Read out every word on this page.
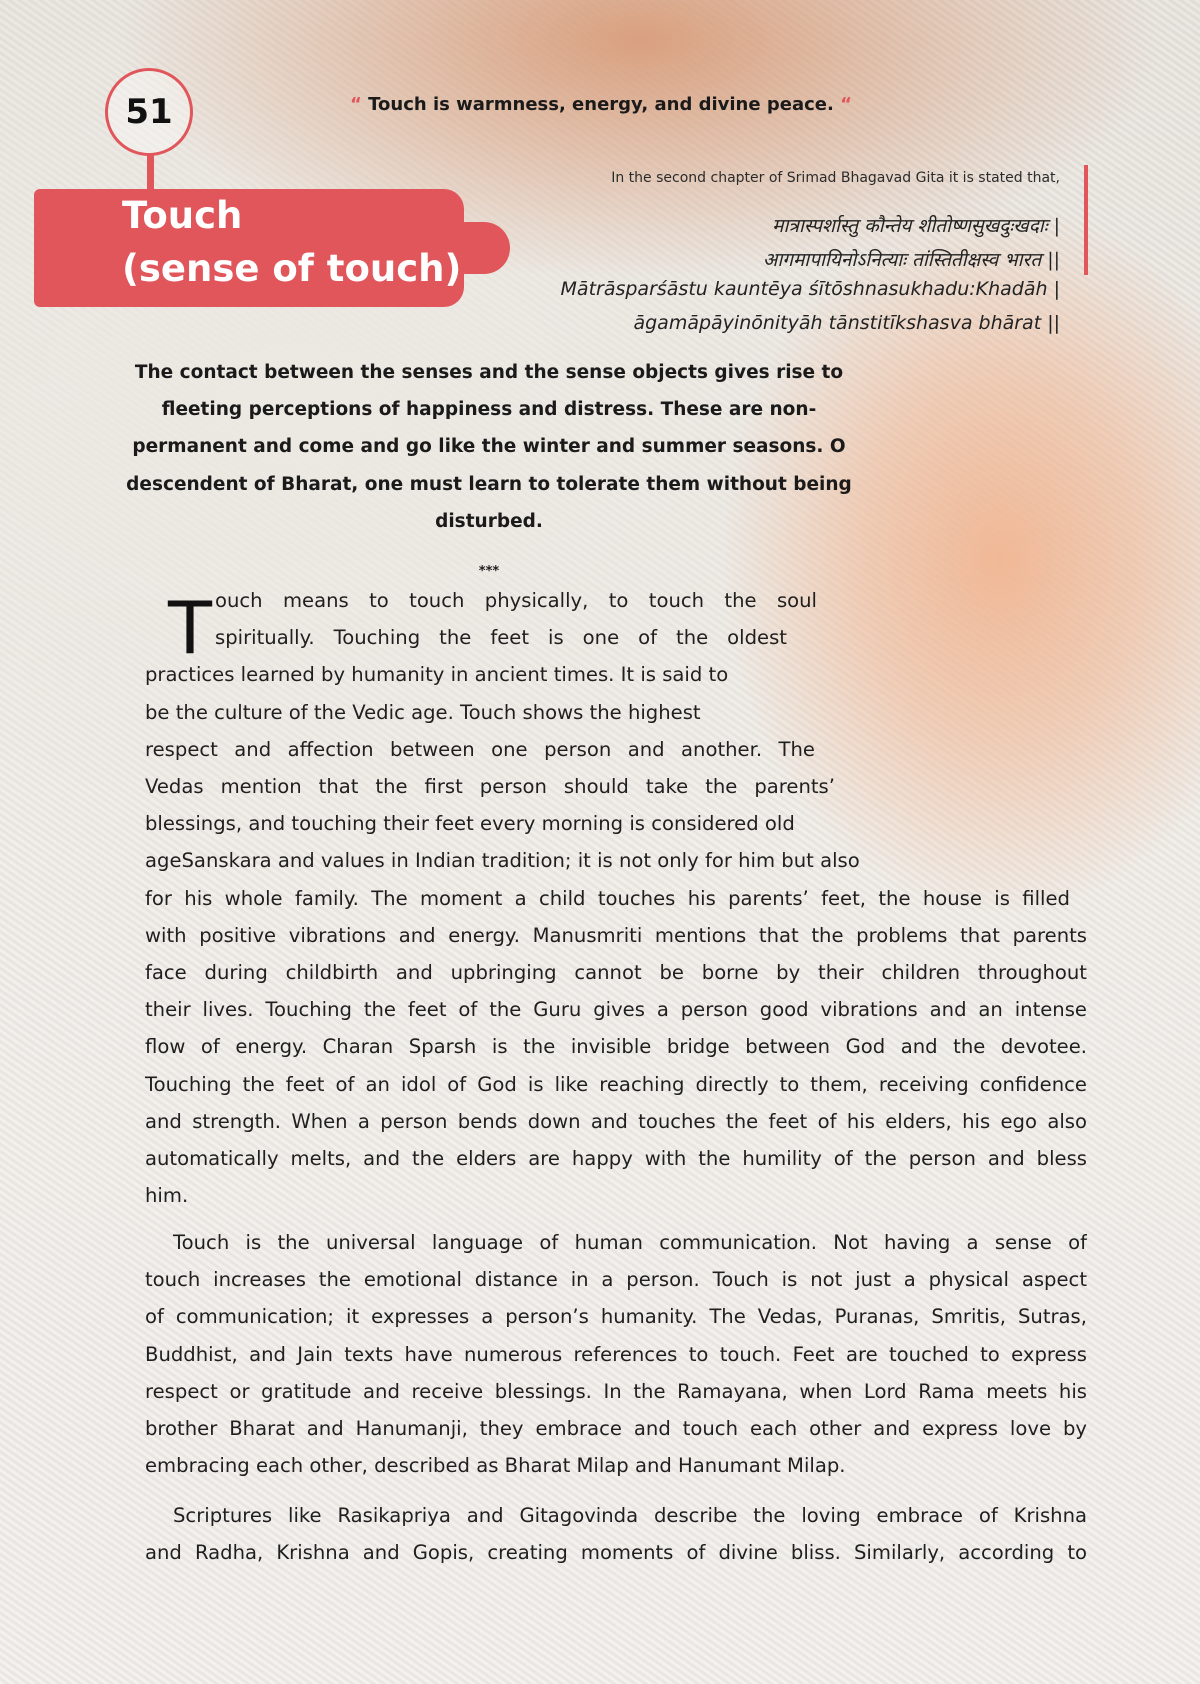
51	“ Touch is warmness, energy, and divine peace. “
Touch
(sense of touch)
In the second chapter of Srimad Bhagavad Gita it is stated that,
मात्रास्पर्शास्तु कौन्तेय शीतोष्णसुखदुःखदाः |
आगमापायिनोऽनित्याः तांस्तितीक्षस्व भारत ||
Mātrāsparśāstu kauntēya śītōshnasukhadu:Khadāh |
āgamāpāyinōnityāh tānstitīkshasva bhārat ||
The contact between the senses and the sense objects gives rise to
fleeting perceptions of happiness and distress. These are non-
permanent and come and go like the winter and summer seasons. O
descendent of Bharat, one must learn to tolerate them without being
disturbed.
***
T ouch means to touch physically, to touch the soul
spiritually. Touching the feet is one of the oldest
practices learned by humanity in ancient times. It is said to
be the culture of the Vedic age. Touch shows the highest
respect and affection between one person and another. The
Vedas mention that the first person should take the parents’
blessings, and touching their feet every morning is considered old
ageSanskara and values in Indian tradition; it is not only for him but also
for his whole family. The moment a child touches his parents’ feet, the house is filled
with positive vibrations and energy. Manusmriti mentions that the problems that parents
face during childbirth and upbringing cannot be borne by their children throughout
their lives. Touching the feet of the Guru gives a person good vibrations and an intense
flow of energy. Charan Sparsh is the invisible bridge between God and the devotee.
Touching the feet of an idol of God is like reaching directly to them, receiving confidence
and strength. When a person bends down and touches the feet of his elders, his ego also
automatically melts, and the elders are happy with the humility of the person and bless
him.
Touch is the universal language of human communication. Not having a sense of
touch increases the emotional distance in a person. Touch is not just a physical aspect
of communication; it expresses a person’s humanity. The Vedas, Puranas, Smritis, Sutras,
Buddhist, and Jain texts have numerous references to touch. Feet are touched to express
respect or gratitude and receive blessings. In the Ramayana, when Lord Rama meets his
brother Bharat and Hanumanji, they embrace and touch each other and express love by
embracing each other, described as Bharat Milap and Hanumant Milap.
Scriptures like Rasikapriya and Gitagovinda describe the loving embrace of Krishna
and Radha, Krishna and Gopis, creating moments of divine bliss. Similarly, according to
